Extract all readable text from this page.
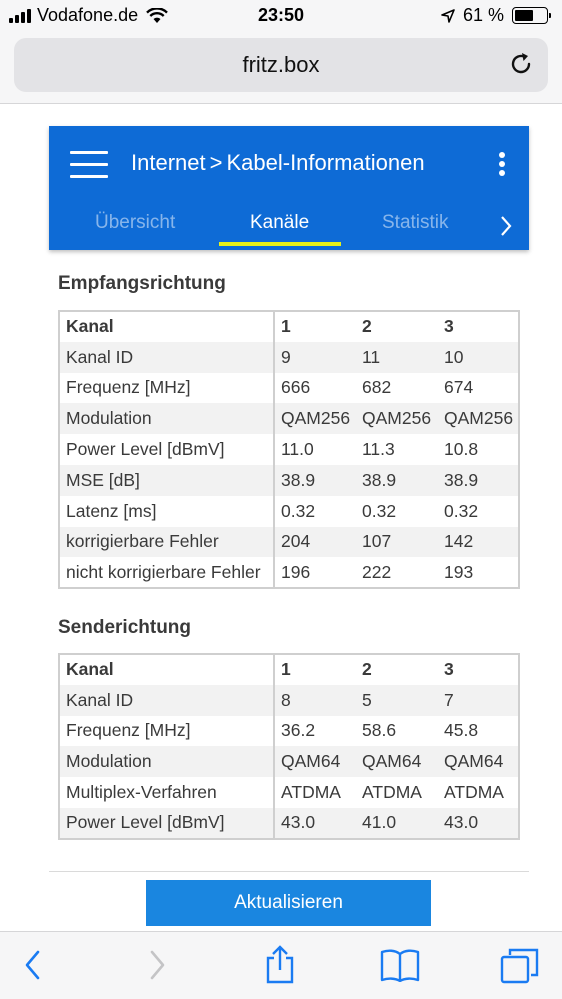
Vodafone.de	23:50	61 %
fritz.box
Internet > Kabel-Informationen
Übersicht	Kanäle	Statistik
Empfangsrichtung
Kanal	1	2	3
Kanal ID	9	11	10
Frequenz [MHz]	666	682	674
Modulation	QAM256	QAM256	QAM256
Power Level [dBmV]	11.0	11.3	10.8
MSE [dB]	38.9	38.9	38.9
Latenz [ms]	0.32	0.32	0.32
korrigierbare Fehler	204	107	142
nicht korrigierbare Fehler	196	222	193
Senderichtung
Kanal	1	2	3
Kanal ID	8	5	7
Frequenz [MHz]	36.2	58.6	45.8
Modulation	QAM64	QAM64	QAM64
Multiplex-Verfahren	ATDMA	ATDMA	ATDMA
Power Level [dBmV]	43.0	41.0	43.0
Aktualisieren
